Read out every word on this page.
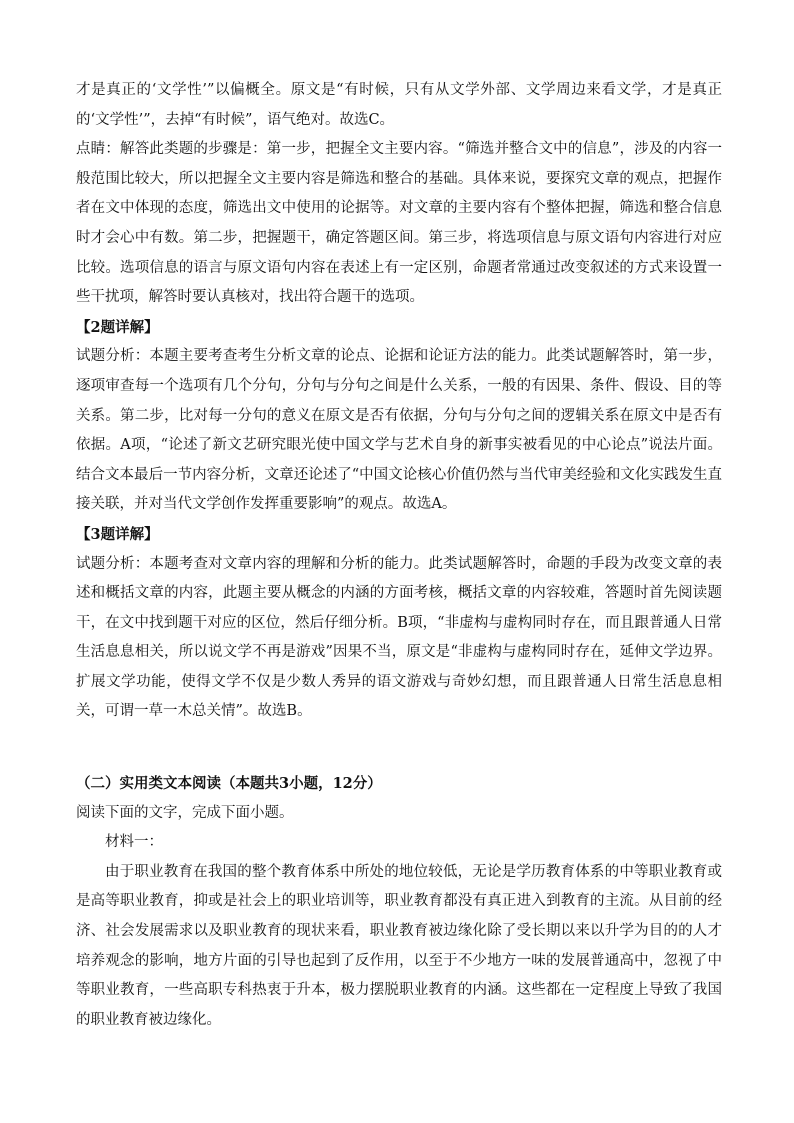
才是真正的‘文学性’”以偏概全。原文是“有时候，只有从文学外部、文学周边来看文学，才是真正的‘文学性’”，去掉“有时候”，语气绝对。故选C。

点睛：解答此类题的步骤是：第一步，把握全文主要内容。“筛选并整合文中的信息”，涉及的内容一般范围比较大，所以把握全文主要内容是筛选和整合的基础。具体来说，要探究文章的观点，把握作者在文中体现的态度，筛选出文中使用的论据等。对文章的主要内容有个整体把握，筛选和整合信息时才会心中有数。第二步，把握题干，确定答题区间。第三步，将选项信息与原文语句内容进行对应比较。选项信息的语言与原文语句内容在表述上有一定区别，命题者常通过改变叙述的方式来设置一些干扰项，解答时要认真核对，找出符合题干的选项。

【2题详解】

试题分析：本题主要考查考生分析文章的论点、论据和论证方法的能力。此类试题解答时，第一步，逐项审查每一个选项有几个分句，分句与分句之间是什么关系，一般的有因果、条件、假设、目的等关系。第二步，比对每一分句的意义在原文是否有依据，分句与分句之间的逻辑关系在原文中是否有依据。A项，“论述了新文艺研究眼光使中国文学与艺术自身的新事实被看见的中心论点”说法片面。结合文本最后一节内容分析，文章还论述了“中国文论核心价值仍然与当代审美经验和文化实践发生直接关联，并对当代文学创作发挥重要影响”的观点。故选A。

【3题详解】

试题分析：本题考查对文章内容的理解和分析的能力。此类试题解答时，命题的手段为改变文章的表述和概括文章的内容，此题主要从概念的内涵的方面考核，概括文章的内容较难，答题时首先阅读题干，在文中找到题干对应的区位，然后仔细分析。B项，“非虚构与虚构同时存在，而且跟普通人日常生活息息相关，所以说文学不再是游戏”因果不当，原文是“非虚构与虚构同时存在，延伸文学边界。扩展文学功能，使得文学不仅是少数人秀异的语文游戏与奇妙幻想，而且跟普通人日常生活息息相关，可谓一草一木总关情”。故选B。

（二）实用类文本阅读（本题共3小题，12分）

阅读下面的文字，完成下面小题。

材料一：

由于职业教育在我国的整个教育体系中所处的地位较低，无论是学历教育体系的中等职业教育或是高等职业教育，抑或是社会上的职业培训等，职业教育都没有真正进入到教育的主流。从目前的经济、社会发展需求以及职业教育的现状来看，职业教育被边缘化除了受长期以来以升学为目的的人才培养观念的影响，地方片面的引导也起到了反作用，以至于不少地方一味的发展普通高中，忽视了中等职业教育，一些高职专科热衷于升本，极力摆脱职业教育的内涵。这些都在一定程度上导致了我国的职业教育被边缘化。
